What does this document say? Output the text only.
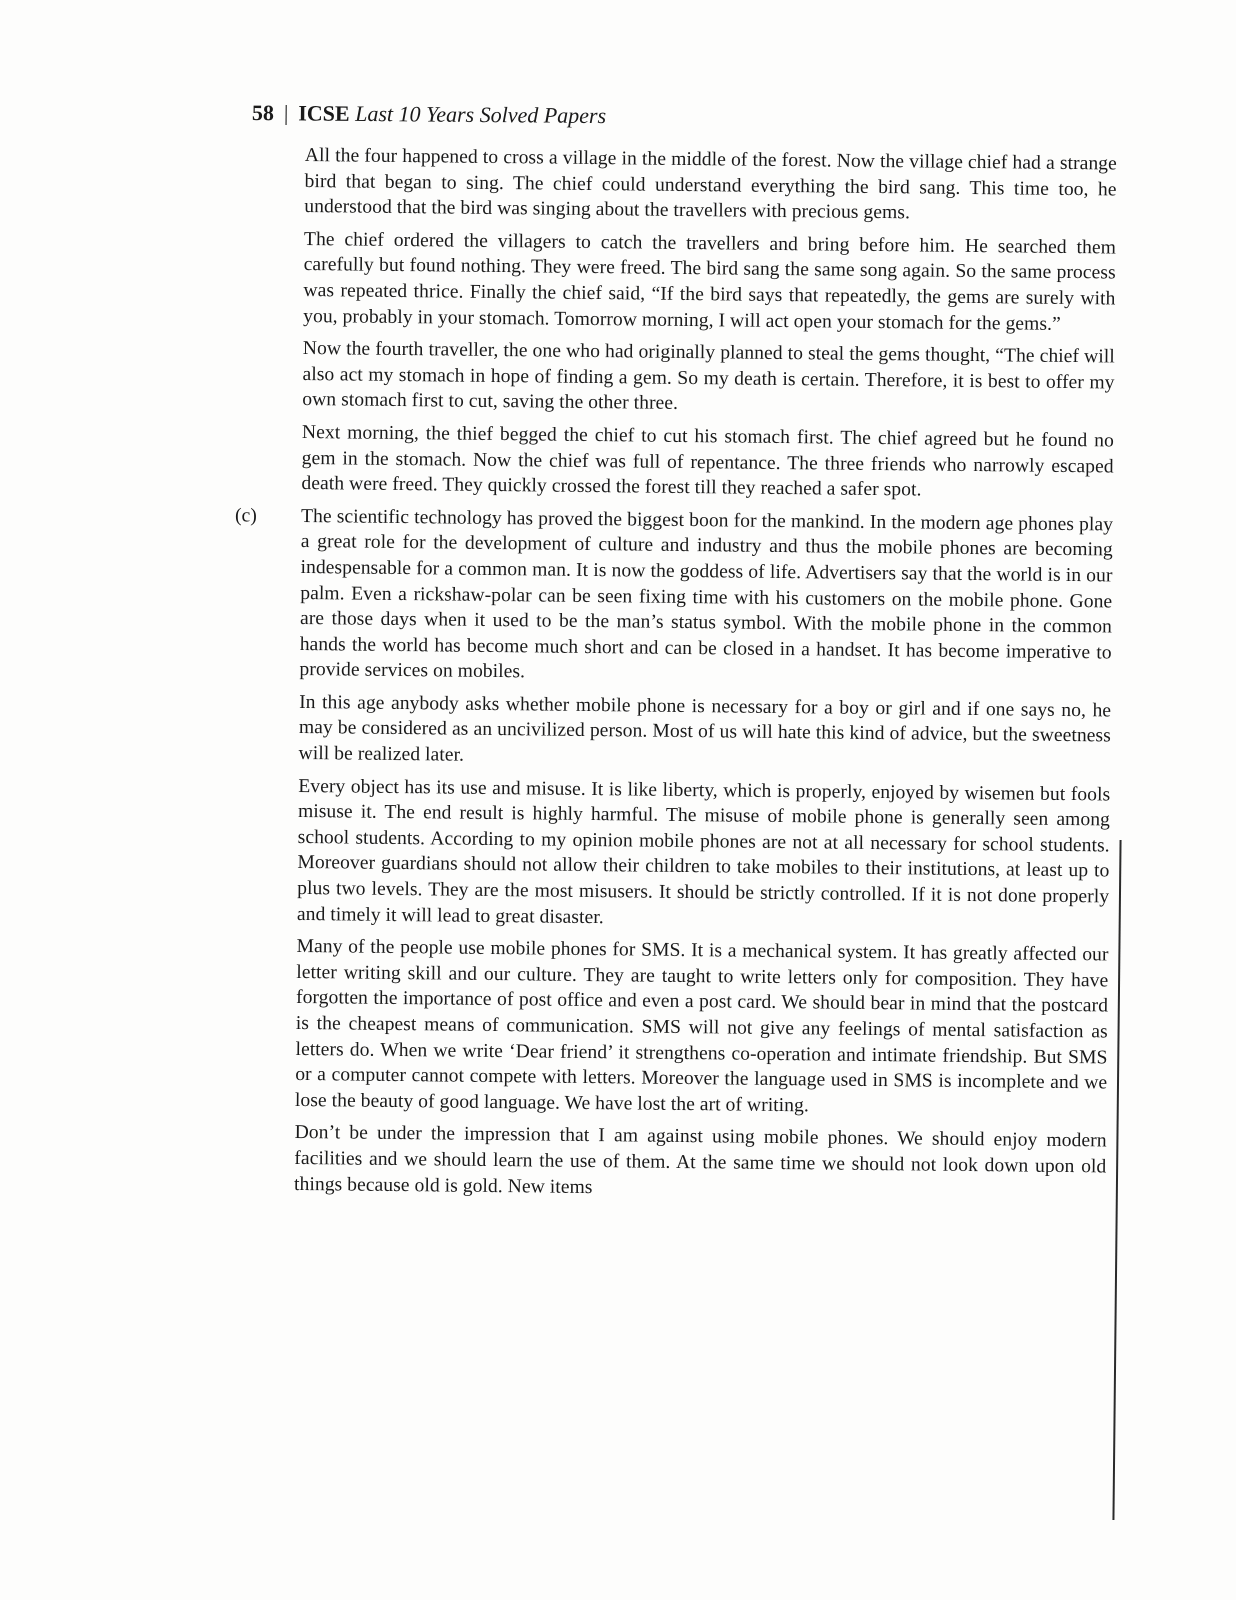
58 | ICSE Last 10 Years Solved Papers

All the four happened to cross a village in the middle of the forest. Now the village chief had a strange bird that began to sing. The chief could understand everything the bird sang. This time too, he understood that the bird was singing about the travellers with precious gems.

The chief ordered the villagers to catch the travellers and bring before him. He searched them carefully but found nothing. They were freed. The bird sang the same song again. So the same process was repeated thrice. Finally the chief said, “If the bird says that repeatedly, the gems are surely with you, probably in your stomach. Tomorrow morning, I will act open your stomach for the gems.”

Now the fourth traveller, the one who had originally planned to steal the gems thought, “The chief will also act my stomach in hope of finding a gem. So my death is certain. Therefore, it is best to offer my own stomach first to cut, saving the other three.

Next morning, the thief begged the chief to cut his stomach first. The chief agreed but he found no gem in the stomach. Now the chief was full of repentance. The three friends who narrowly escaped death were freed. They quickly crossed the forest till they reached a safer spot.

(c) The scientific technology has proved the biggest boon for the mankind. In the modern age phones play a great role for the development of culture and industry and thus the mobile phones are becoming indespensable for a common man. It is now the goddess of life. Advertisers say that the world is in our palm. Even a rickshaw-polar can be seen fixing time with his customers on the mobile phone. Gone are those days when it used to be the man’s status symbol. With the mobile phone in the common hands the world has become much short and can be closed in a handset. It has become imperative to provide services on mobiles.

In this age anybody asks whether mobile phone is necessary for a boy or girl and if one says no, he may be considered as an uncivilized person. Most of us will hate this kind of advice, but the sweetness will be realized later.

Every object has its use and misuse. It is like liberty, which is properly, enjoyed by wisemen but fools misuse it. The end result is highly harmful. The misuse of mobile phone is generally seen among school students. According to my opinion mobile phones are not at all necessary for school students. Moreover guardians should not allow their children to take mobiles to their institutions, at least up to plus two levels. They are the most misusers. It should be strictly controlled. If it is not done properly and timely it will lead to great disaster.

Many of the people use mobile phones for SMS. It is a mechanical system. It has greatly affected our letter writing skill and our culture. They are taught to write letters only for composition. They have forgotten the importance of post office and even a post card. We should bear in mind that the postcard is the cheapest means of communication. SMS will not give any feelings of mental satisfaction as letters do. When we write ‘Dear friend’ it strengthens co-operation and intimate friendship. But SMS or a computer cannot compete with letters. Moreover the language used in SMS is incomplete and we lose the beauty of good language. We have lost the art of writing.

Don’t be under the impression that I am against using mobile phones. We should enjoy modern facilities and we should learn the use of them. At the same time we should not look down upon old things because old is gold. New items
